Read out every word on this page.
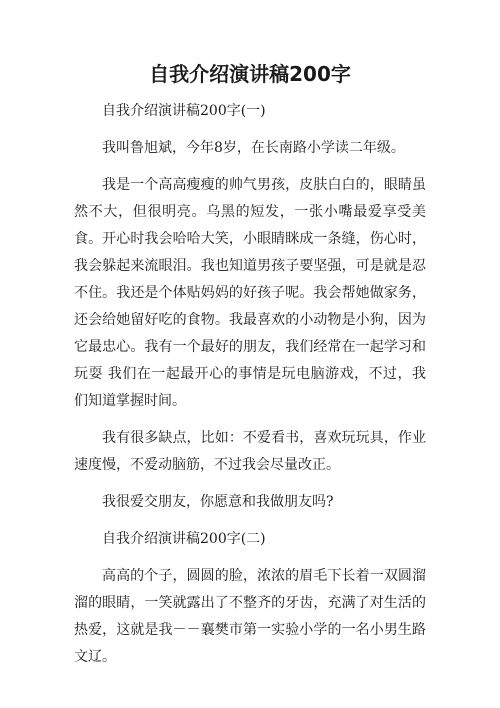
自我介绍演讲稿200字
自我介绍演讲稿200字(一)

我叫鲁旭斌，今年8岁，在长南路小学读二年级。

我是一个高高瘦瘦的帅气男孩，皮肤白白的，眼睛虽然不大，但很明亮。乌黑的短发，一张小嘴最爱享受美食。开心时我会哈哈大笑，小眼睛眯成一条缝，伤心时，我会躲起来流眼泪。我也知道男孩子要坚强，可是就是忍不住。我还是个体贴妈妈的好孩子呢。我会帮她做家务，还会给她留好吃的食物。我最喜欢的小动物是小狗，因为它最忠心。我有一个最好的朋友，我们经常在一起学习和玩耍 我们在一起最开心的事情是玩电脑游戏，不过，我们知道掌握时间。

我有很多缺点，比如：不爱看书，喜欢玩玩具，作业速度慢，不爱动脑筋，不过我会尽量改正。

我很爱交朋友，你愿意和我做朋友吗?

自我介绍演讲稿200字(二)

高高的个子，圆圆的脸，浓浓的眉毛下长着一双圆溜溜的眼睛，一笑就露出了不整齐的牙齿，充满了对生活的热爱，这就是我－－襄樊市第一实验小学的一名小男生路文辽。
